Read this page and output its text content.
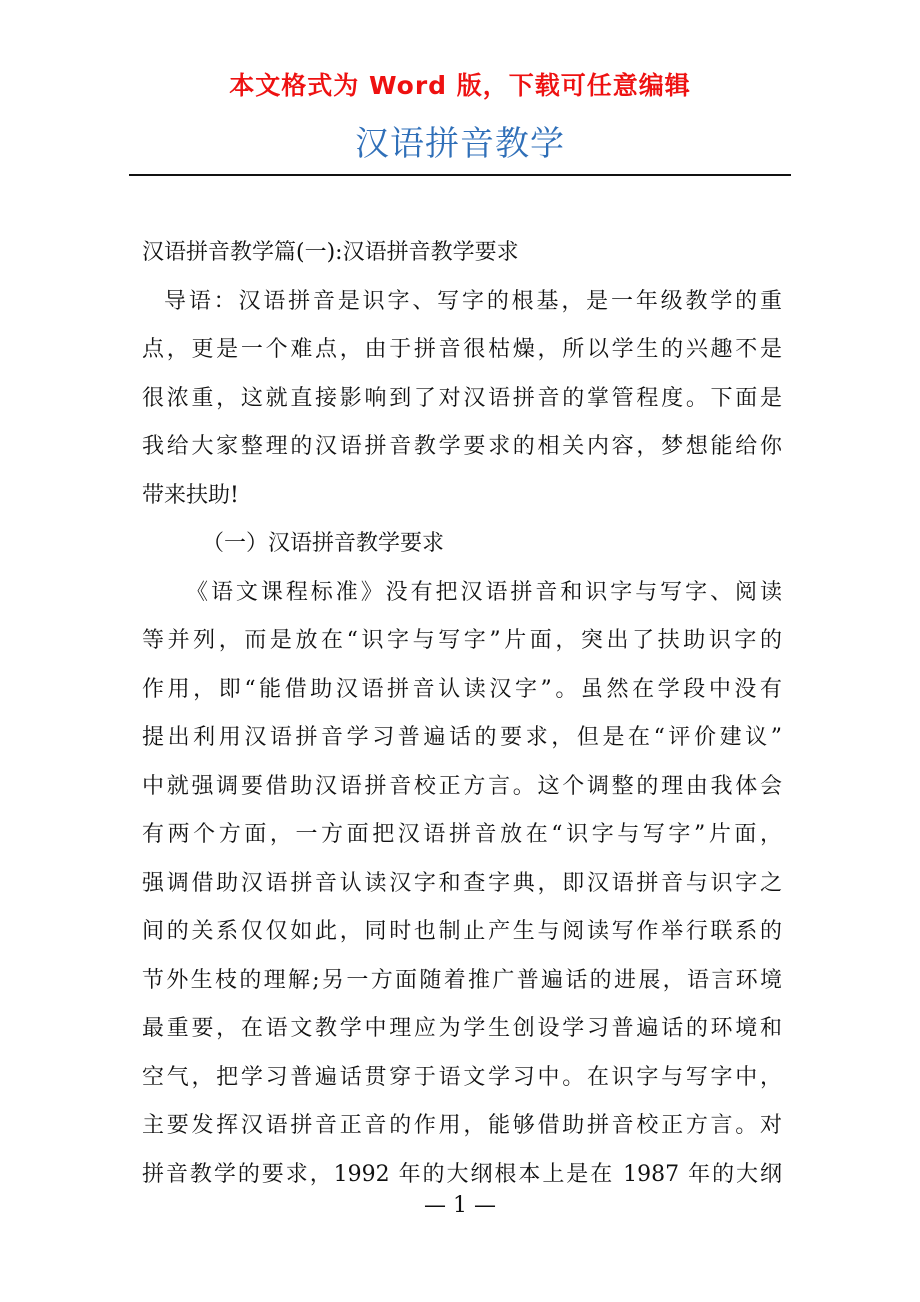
本文格式为 Word 版，下载可任意编辑
汉语拼音教学
汉语拼音教学篇(一):汉语拼音教学要求
导语：汉语拼音是识字、写字的根基，是一年级教学的重
点，更是一个难点，由于拼音很枯燥，所以学生的兴趣不是
很浓重，这就直接影响到了对汉语拼音的掌管程度。下面是
我给大家整理的汉语拼音教学要求的相关内容，梦想能给你
带来扶助!
（一）汉语拼音教学要求
《语文课程标准》没有把汉语拼音和识字与写字、阅读
等并列，而是放在“识字与写字”片面，突出了扶助识字的
作用，即“能借助汉语拼音认读汉字”。虽然在学段中没有
提出利用汉语拼音学习普遍话的要求，但是在“评价建议”
中就强调要借助汉语拼音校正方言。这个调整的理由我体会
有两个方面，一方面把汉语拼音放在“识字与写字”片面，
强调借助汉语拼音认读汉字和查字典，即汉语拼音与识字之
间的关系仅仅如此，同时也制止产生与阅读写作举行联系的
节外生枝的理解;另一方面随着推广普遍话的进展，语言环境
最重要，在语文教学中理应为学生创设学习普遍话的环境和
空气，把学习普遍话贯穿于语文学习中。在识字与写字中，
主要发挥汉语拼音正音的作用，能够借助拼音校正方言。对
拼音教学的要求，1992 年的大纲根本上是在 1987 年的大纲
— 1 —
